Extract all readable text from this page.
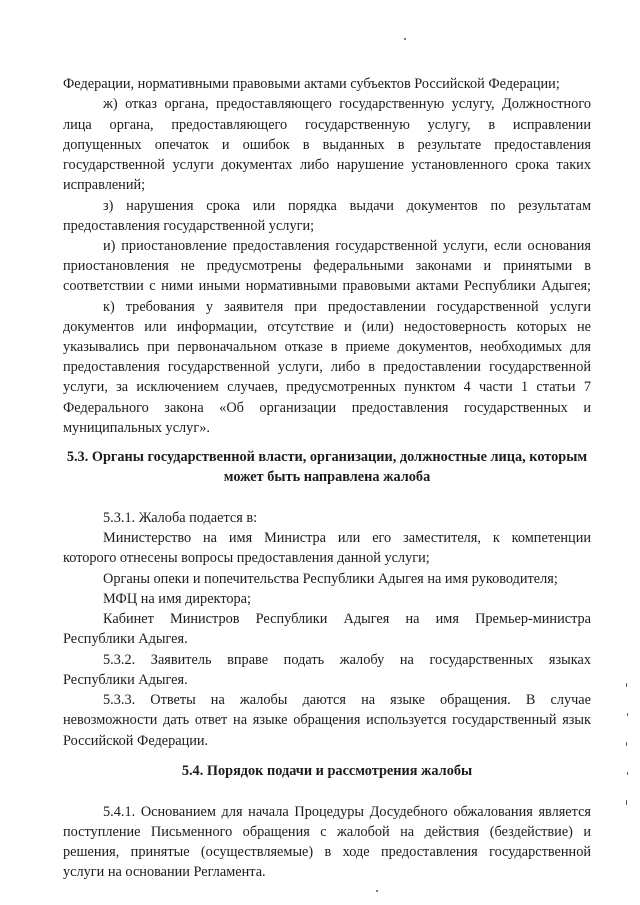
Федерации, нормативными правовыми актами субъектов Российской Федерации;
ж) отказ органа, предоставляющего государственную услугу, Должностного
лица органа, предоставляющего государственную услугу, в исправлении
допущенных опечаток и ошибок в выданных в результате предоставления
государственной услуги документах либо нарушение установленного срока таких
исправлений;
з) нарушения срока или порядка выдачи документов по результатам
предоставления государственной услуги;
и) приостановление предоставления государственной услуги, если основания
приостановления не предусмотрены федеральными законами и принятыми в
соответствии с ними иными нормативными правовыми актами Республики Адыгея;
к) требования у заявителя при предоставлении государственной услуги
документов или информации, отсутствие и (или) недостоверность которых не
указывались при первоначальном отказе в приеме документов, необходимых для
предоставления государственной услуги, либо в предоставлении государственной
услуги, за исключением случаев, предусмотренных пунктом 4 части 1 статьи 7
Федерального закона «Об организации предоставления государственных и
муниципальных услуг».
5.3. Органы государственной власти, организации, должностные лица, которым
может быть направлена жалоба
5.3.1. Жалоба подается в:
Министерство на имя Министра или его заместителя, к компетенции
которого отнесены вопросы предоставления данной услуги;
Органы опеки и попечительства Республики Адыгея на имя руководителя;
МФЦ на имя директора;
Кабинет Министров Республики Адыгея на имя Премьер-министра
Республики Адыгея.
5.3.2. Заявитель вправе подать жалобу на государственных языках
Республики Адыгея.
5.3.3. Ответы на жалобы даются на языке обращения. В случае
невозможности дать ответ на языке обращения используется государственный язык
Российской Федерации.
5.4. Порядок подачи и рассмотрения жалобы
5.4.1. Основанием для начала Процедуры Досудебного обжалования является
поступление Письменного обращения с жалобой на действия (бездействие) и
решения, принятые (осуществляемые) в ходе предоставления государственной
услуги на основании Регламента.
